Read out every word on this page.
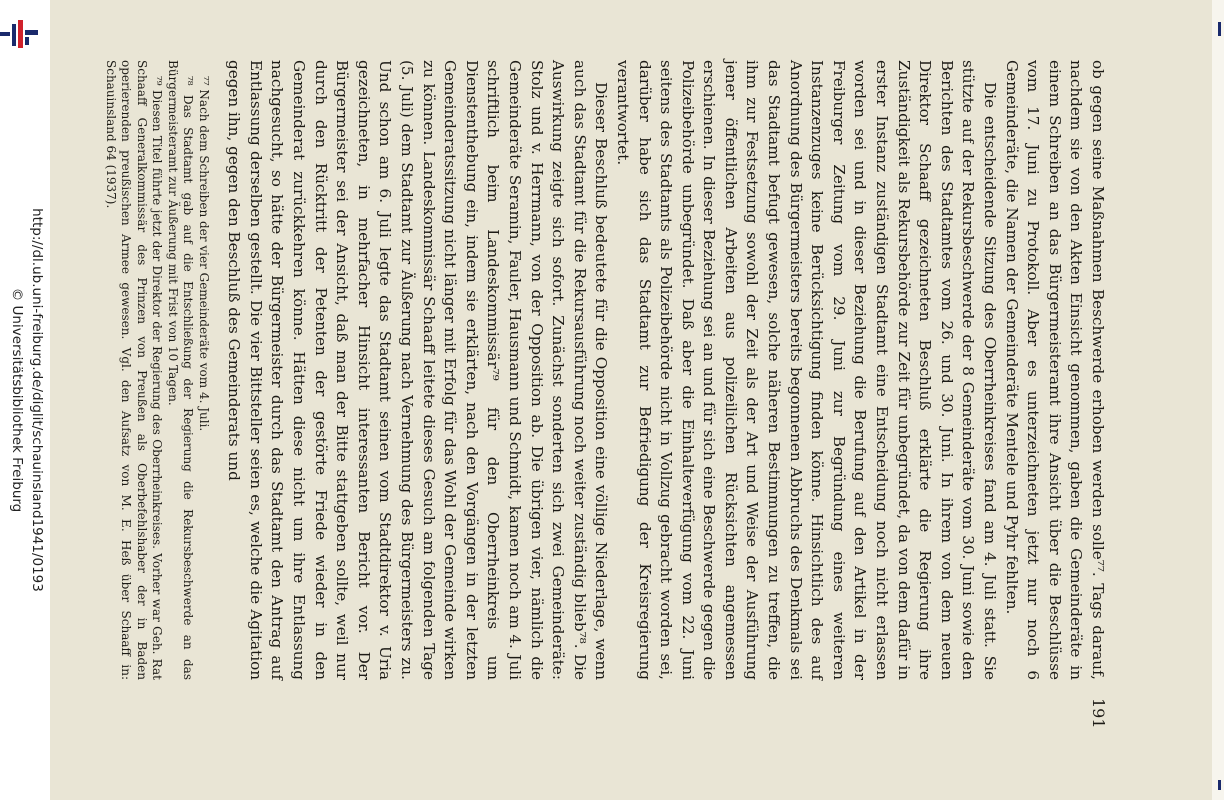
http://dl.ub.uni-freiburg.de/diglit/schauinsland1941/0193
© Universitätsbibliothek Freiburg	ob gegen seine Maßnahmen Beschwerde erhoben werden solle⁷⁷. Tags darauf, nachdem sie von den Akten Einsicht genommen, gaben die Gemeinderäte in einem Schreiben an das Bürgermeisteramt ihre Ansicht über die Beschlüsse vom 17. Juni zu Protokoll. Aber es unterzeichneten jetzt nur noch 6 Gemeinderäte, die Namen der Gemeinderäte Mentele und Pyhr fehlten.

Die entscheidende Sitzung des Oberrheinkreises fand am 4. Juli statt. Sie stützte auf der Rekursbeschwerde der 8 Gemeinderäte vom 30. Juni sowie den Berichten des Stadtamtes vom 26. und 30. Juni. In ihrem von dem neuen Direktor Schaaff gezeichneten Beschluß erklärte die Regierung ihre Zuständigkeit als Rekursbehörde zur Zeit für unbegründet, da von dem dafür in erster Instanz zuständigen Stadtamt eine Entscheidung noch nicht erlassen worden sei und in dieser Beziehung die Berufung auf den Artikel in der Freiburger Zeitung vom 29. Juni zur Begründung eines weiteren Instanzenzuges keine Berücksichtigung finden könne. Hinsichtlich des auf Anordnung des Bürgermeisters bereits begonnenen Abbruchs des Denkmals sei das Stadtamt befugt gewesen, solche näheren Bestimmungen zu treffen, die ihm zur Festsetzung sowohl der Zeit als der Art und Weise der Ausführung jener öffentlichen Arbeiten aus polizeilichen Rücksichten angemessen erschienen. In dieser Beziehung sei an und für sich eine Beschwerde gegen die Polizeibehörde unbegründet. Daß aber die Einhalteverfügung vom 22. Juni seitens des Stadtamts als Polizeibehörde nicht in Vollzug gebracht worden sei, darüber habe sich das Stadtamt zur Befriedigung der Kreisregierung verantwortet.

Dieser Beschluß bedeutete für die Opposition eine völlige Niederlage, wenn auch das Stadtamt für die Rekursausführung noch weiter zuständig blieb⁷⁸. Die Auswirkung zeigte sich sofort. Zunächst sonderten sich zwei Gemeinderäte: Stolz und v. Herrmann, von der Opposition ab. Die übrigen vier, nämlich die Gemeinderäte Seramin, Fauler, Hausmann und Schmidt, kamen noch am 4. Juli schriftlich beim Landeskommissär⁷⁹ für den Oberrheinkreis um Dienstenthebung ein, indem sie erklärten, nach den Vorgängen in der letzten Gemeinderatssitzung nicht länger mit Erfolg für das Wohl der Gemeinde wirken zu können. Landeskommissär Schaaff leitete dieses Gesuch am folgenden Tage (5. Juli) dem Stadtamt zur Äußerung nach Vernehmung des Bürgermeisters zu. Und schon am 6. Juli legte das Stadtamt seinen vom Stadtdirektor v. Uria gezeichneten, in mehrfacher Hinsicht interessanten Bericht vor. Der Bürgermeister sei der Ansicht, daß man der Bitte stattgeben sollte, weil nur durch den Rücktritt der Petenten der gestörte Friede wieder in den Gemeinderat zurückkehren könne. Hätten diese nicht um ihre Entlassung nachgesucht, so hätte der Bürgermeister durch das Stadtamt den Antrag auf Entlassung derselben gestellt. Die vier Bittsteller seien es, welche die Agitation gegen ihn, gegen den Beschluß des Gemeinderats und

⁷⁷ Nach dem Schreiben der vier Gemeinderäte vom 4. Juli.

⁷⁸ Das Stadtamt gab auf die Entschließung der Regierung die Rekursbeschwerde an das Bürgermeisteramt zur Äußerung mit Frist von 10 Tagen.

⁷⁹ Diesen Titel führte jetzt der Direktor der Regierung des Oberrheinkreises. Vorher war Geh. Rat Schaaff Generalkommissär des Prinzen von Preußen als Oberbefehlshaber der in Baden operierenden preußischen Armee gewesen. Vgl. den Aufsatz von M. E. Heß über Schaaff in: Schauinsland 64 (1937).

191
